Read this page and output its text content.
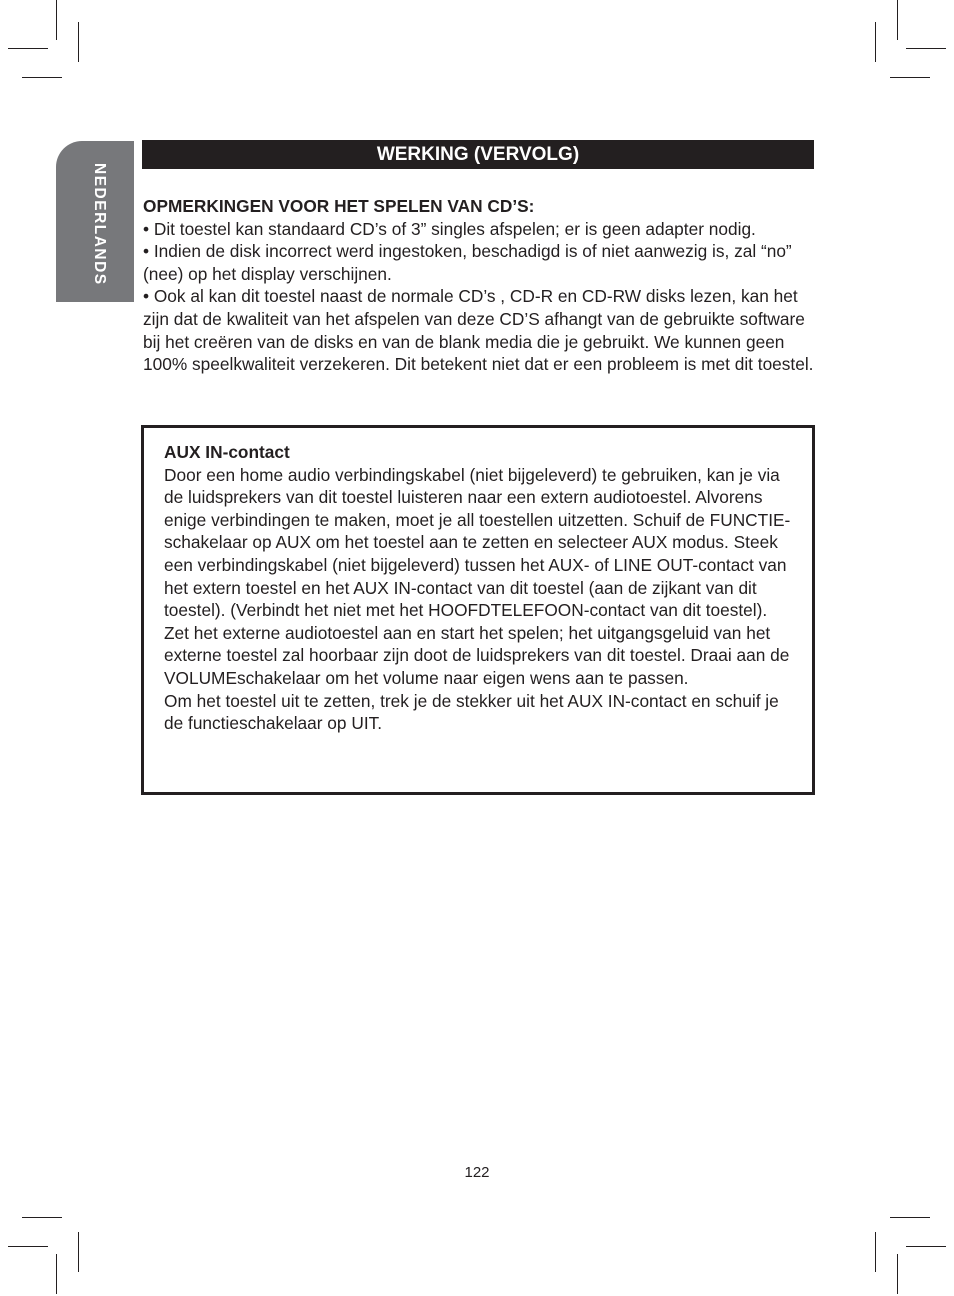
NEDERLANDS
WERKING (VERVOLG)
OPMERKINGEN VOOR HET SPELEN VAN CD’S:

• Dit toestel kan standaard CD’s of 3” singles afspelen; er is geen adapter nodig.

• Indien de disk incorrect werd ingestoken, beschadigd is of niet aanwezig is, zal “no” (nee) op het display verschijnen.

• Ook al kan dit toestel naast de normale CD’s , CD-R en CD-RW disks lezen, kan het zijn dat de kwaliteit van het afspelen van deze CD’S afhangt van de gebruikte software bij het creëren van de disks en van de blank media die je gebruikt. We kunnen geen 100% speelkwaliteit verzekeren. Dit betekent niet dat er een probleem is met dit toestel.

AUX IN-contact

Door een home audio verbindingskabel (niet bijgeleverd) te gebruiken, kan je via de luidsprekers van dit toestel luisteren naar een extern audiotoestel. Alvorens enige verbindingen te maken, moet je all toestellen uitzetten. Schuif de FUNCTIE-schakelaar op AUX om het toestel aan te zetten en selecteer AUX modus. Steek een verbindingskabel (niet bijgeleverd) tussen het AUX- of LINE OUT-contact van het extern toestel en het AUX IN-contact van dit toestel (aan de zijkant van dit toestel). (Verbindt het niet met het HOOFDTELEFOON-contact van dit toestel). Zet het externe audiotoestel aan en start het spelen; het uitgangsgeluid van het externe toestel zal hoorbaar zijn doot de luidsprekers van dit toestel. Draai aan de VOLUMEschakelaar om het volume naar eigen wens aan te passen.

Om het toestel uit te zetten, trek je de stekker uit het AUX IN-contact en schuif je de functieschakelaar op UIT.

122
